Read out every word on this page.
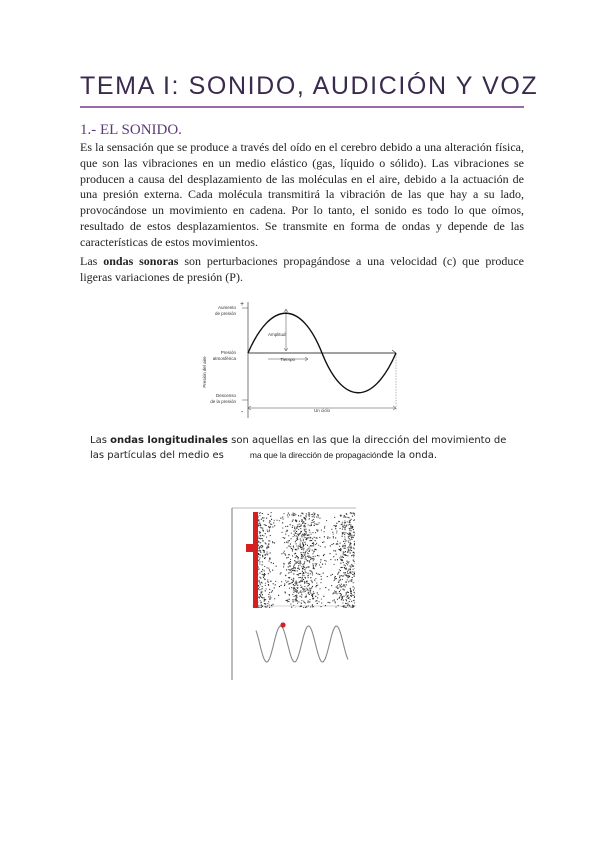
TEMA I: SONIDO, AUDICIÓN Y VOZ
1.- EL SONIDO.

Es la sensación que se produce a través del oído en el cerebro debido a una alteración física, que son las vibraciones en un medio elástico (gas, líquido o sólido). Las vibraciones se producen a causa del desplazamiento de las moléculas en el aire, debido a la actuación de una presión externa. Cada molécula transmitirá la vibración de las que hay a su lado, provocándose un movimiento en cadena. Por lo tanto, el sonido es todo lo que oímos, resultado de estos desplazamientos. Se transmite en forma de ondas y depende de las características de estos movimientos.

Las ondas sonoras son perturbaciones propagándose a una velocidad (c) que produce ligeras variaciones de presión (P).

Presión del aire
+
-
Aumento
de presión
Presión
atmosférica
Descenso
de la presión
Amplitud
Tiempo
Un ciclo

Las ondas longitudinales son aquellas en las que la dirección del movimiento de las partículas del medio es	ma que la dirección de propagaciónde la onda.
